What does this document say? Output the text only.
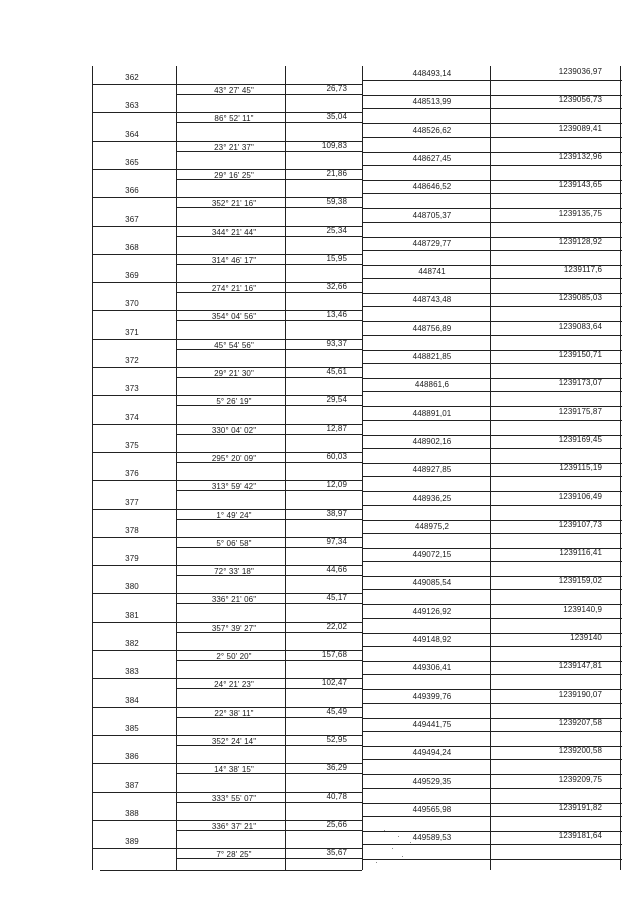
362	448493,14	1239036,97
43° 27' 45"	26,73
363	448513,99	1239056,73
86° 52' 11"	35,04
364	448526,62	1239089,41
23° 21' 37"	109,83
365	448627,45	1239132,96
29° 16' 25"	21,86
366	448646,52	1239143,65
352° 21' 16"	59,38
367	448705,37	1239135,75
344° 21' 44"	25,34
368	448729,77	1239128,92
314° 46' 17"	15,95
369	448741	1239117,6
274° 21' 16"	32,66
370	448743,48	1239085,03
354° 04' 56"	13,46
371	448756,89	1239083,64
45° 54' 56"	93,37
372	448821,85	1239150,71
29° 21' 30"	45,61
373	448861,6	1239173,07
5° 26' 19"	29,54
374	448891,01	1239175,87
330° 04' 02"	12,87
375	448902,16	1239169,45
295° 20' 09"	60,03
376	448927,85	1239115,19
313° 59' 42"	12,09
377	448936,25	1239106,49
1° 49' 24"	38,97
378	448975,2	1239107,73
5° 06' 58"	97,34
379	449072,15	1239116,41
72° 33' 18"	44,66
380	449085,54	1239159,02
336° 21' 06"	45,17
381	449126,92	1239140,9
357° 39' 27"	22,02
382	449148,92	1239140
2° 50' 20"	157,68
383	449306,41	1239147,81
24° 21' 23"	102,47
384	449399,76	1239190,07
22° 38' 11"	45,49
385	449441,75	1239207,58
352° 24' 14"	52,95
386	449494,24	1239200,58
14° 38' 15"	36,29
387	449529,35	1239209,75
333° 55' 07"	40,78
388	449565,98	1239191,82
336° 37' 21"	25,66
389	449589,53	1239181,64
7° 28' 25"	35,67
